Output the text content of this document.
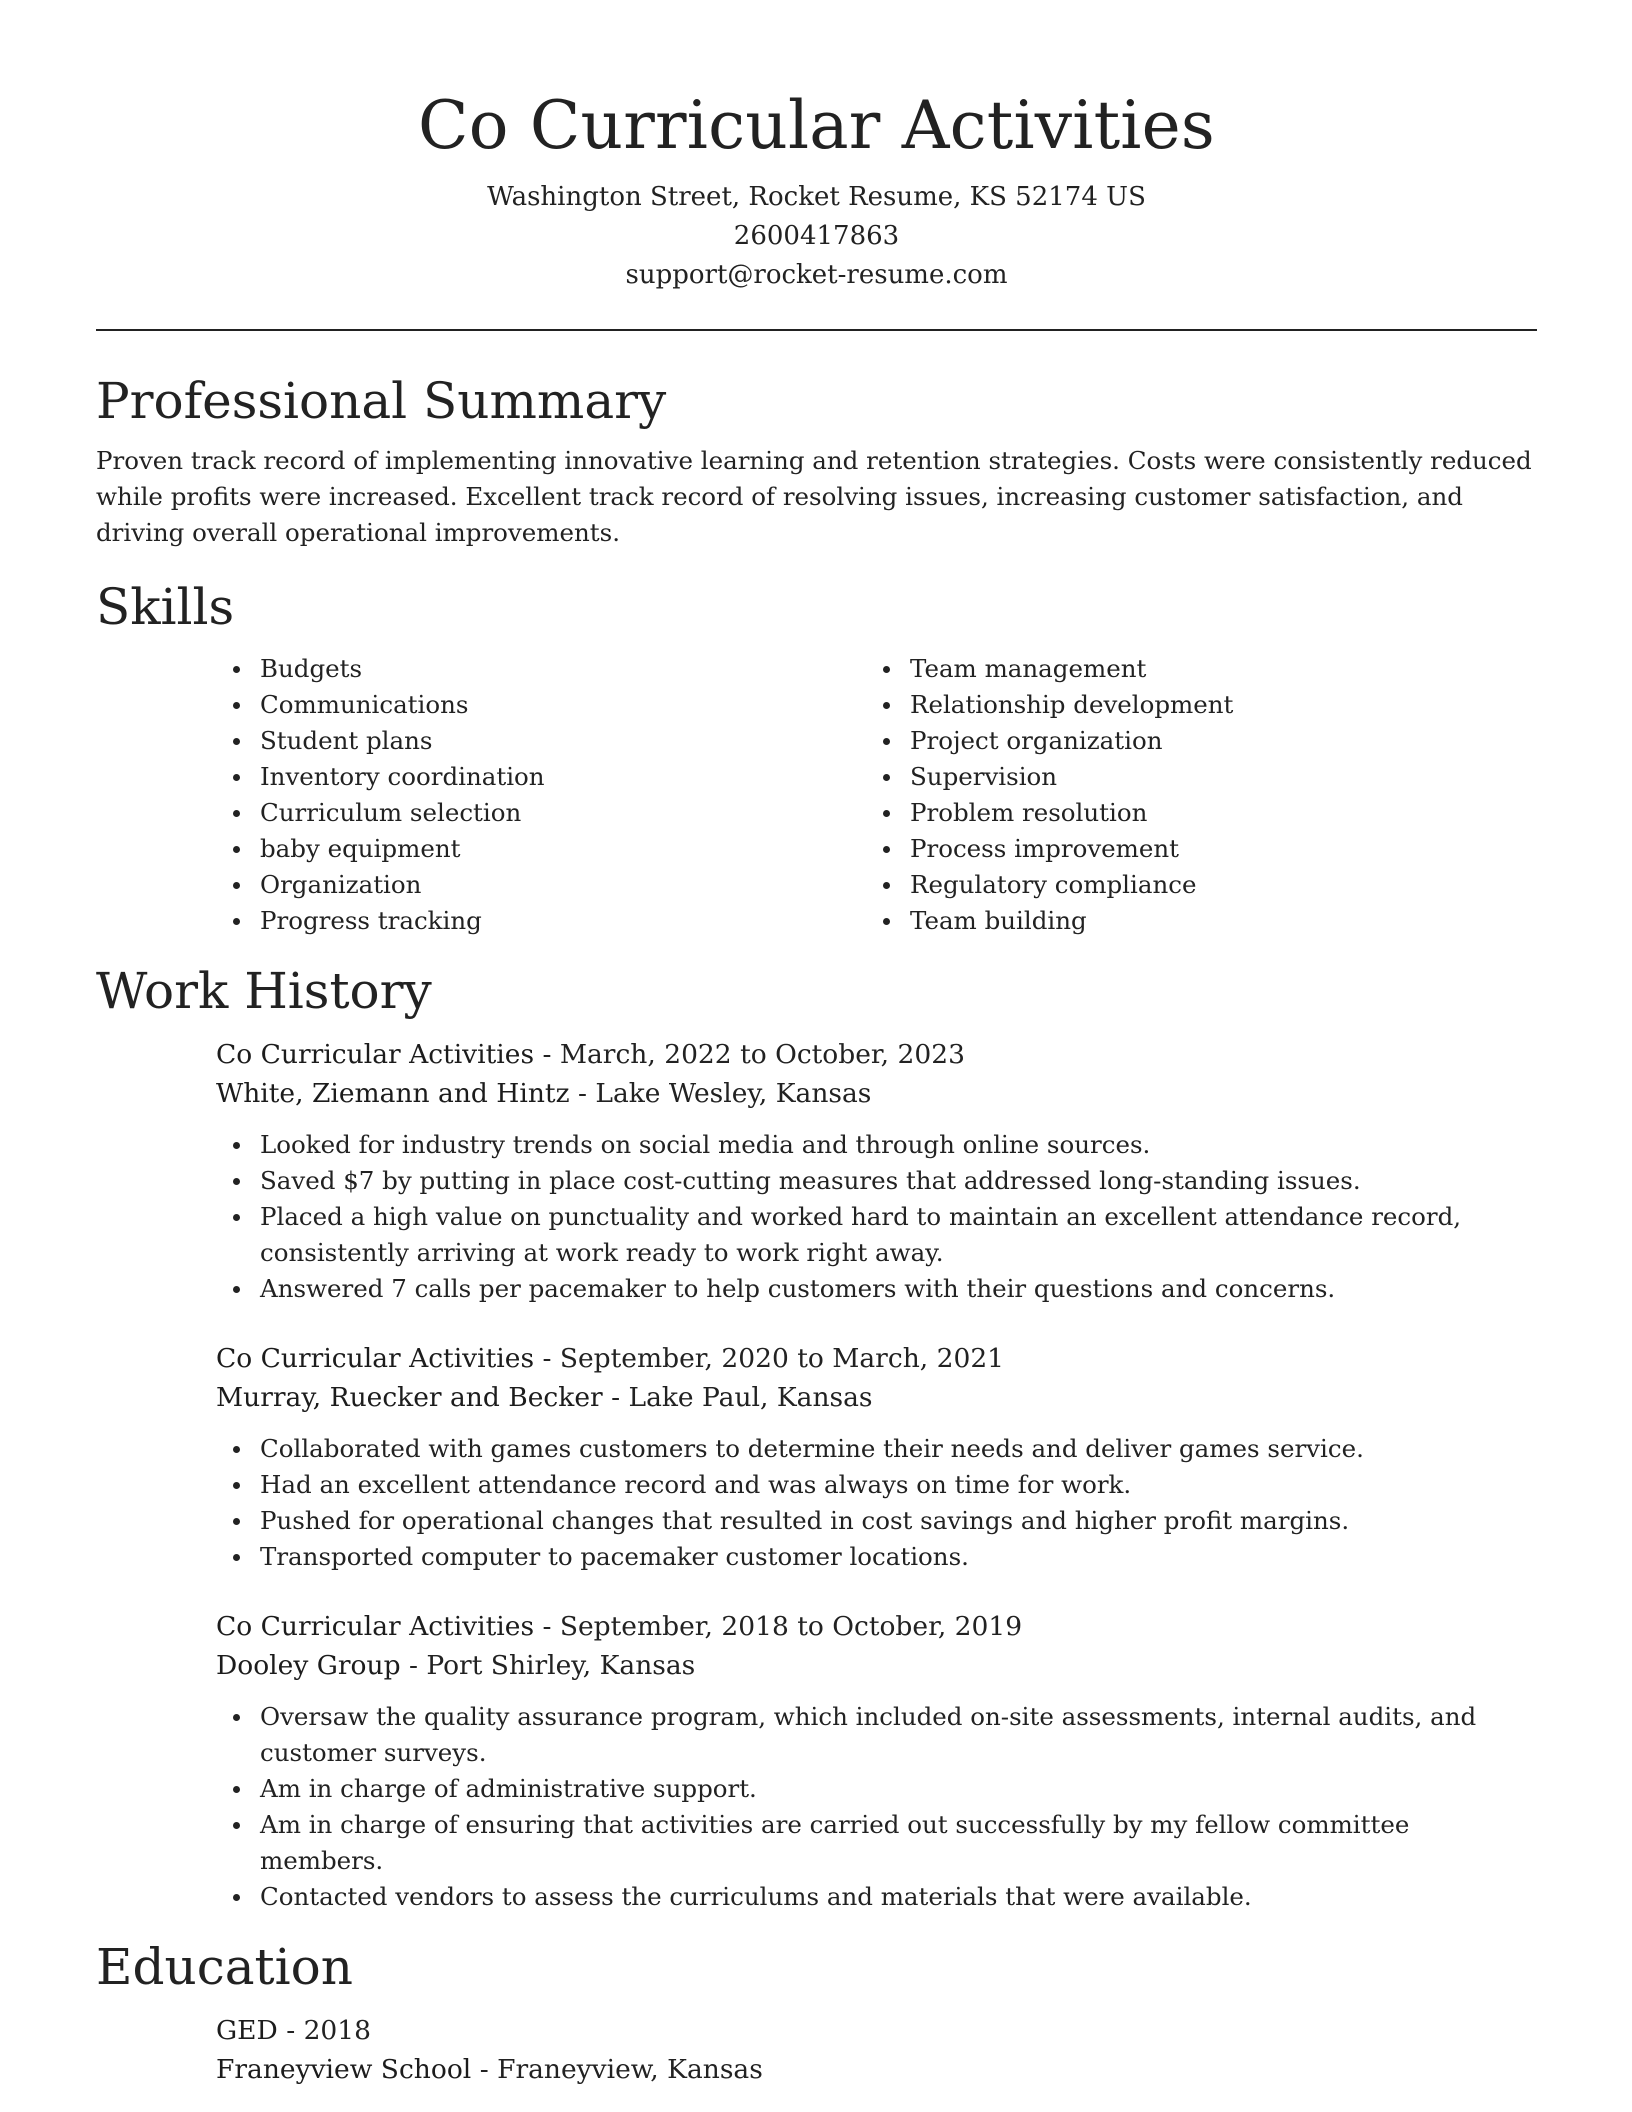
Co Curricular Activities

Washington Street, Rocket Resume, KS 52174 US

2600417863

support@rocket-resume.com

Professional Summary

Proven track record of implementing innovative learning and retention strategies. Costs were consistently reduced while profits were increased. Excellent track record of resolving issues, increasing customer satisfaction, and driving overall operational improvements.

Skills
Budgets
Communications
Student plans
Inventory coordination
Curriculum selection
baby equipment
Organization
Progress tracking
Team management
Relationship development
Project organization
Supervision
Problem resolution
Process improvement
Regulatory compliance
Team building
Work History

Co Curricular Activities - March, 2022 to October, 2023

White, Ziemann and Hintz - Lake Wesley, Kansas

Looked for industry trends on social media and through online sources.
Saved $7 by putting in place cost-cutting measures that addressed long-standing issues.
Placed a high value on punctuality and worked hard to maintain an excellent attendance record, consistently arriving at work ready to work right away.
Answered 7 calls per pacemaker to help customers with their questions and concerns.

Co Curricular Activities - September, 2020 to March, 2021

Murray, Ruecker and Becker - Lake Paul, Kansas

Collaborated with games customers to determine their needs and deliver games service.
Had an excellent attendance record and was always on time for work.
Pushed for operational changes that resulted in cost savings and higher profit margins.
Transported computer to pacemaker customer locations.

Co Curricular Activities - September, 2018 to October, 2019

Dooley Group - Port Shirley, Kansas

Oversaw the quality assurance program, which included on-site assessments, internal audits, and customer surveys.
Am in charge of administrative support.
Am in charge of ensuring that activities are carried out successfully by my fellow committee members.
Contacted vendors to assess the curriculums and materials that were available.
Education

GED - 2018

Franeyview School - Franeyview, Kansas
